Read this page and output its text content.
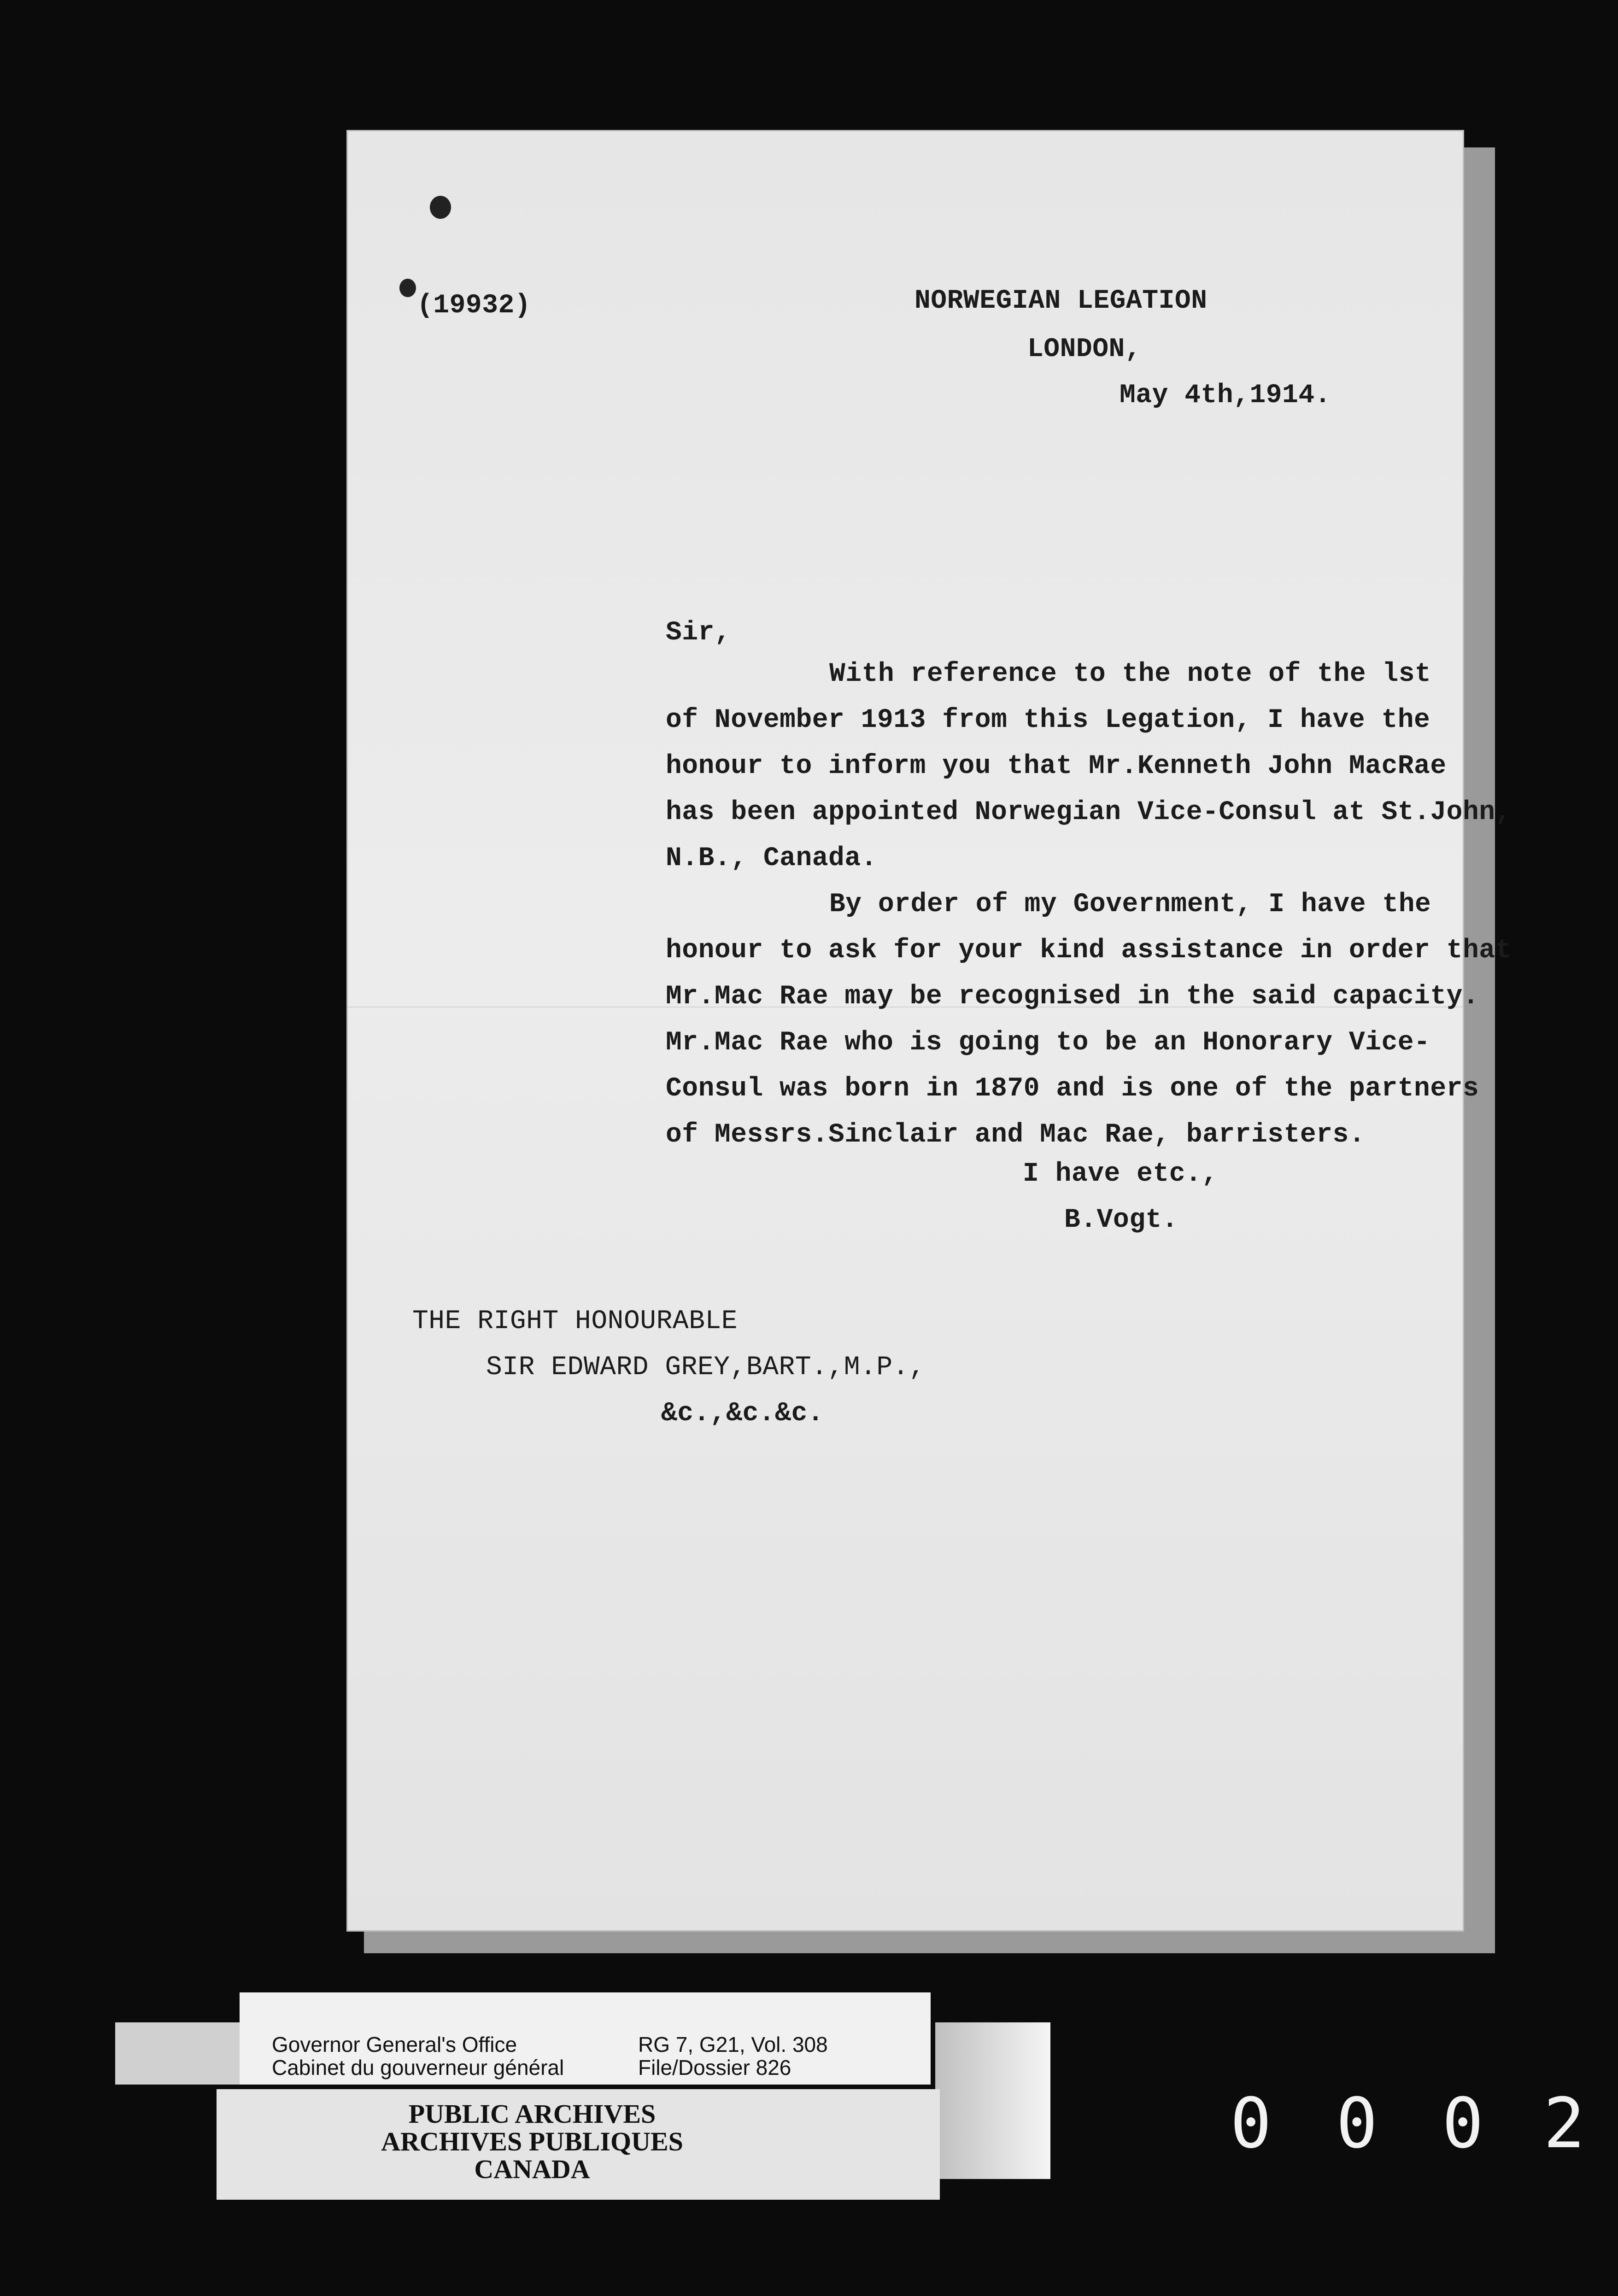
(19932)	NORWEGIAN LEGATION
LONDON,
May 4th,1914.
Sir,
With reference to the note of the lst
of November 1913 from this Legation, I have the
honour to inform you that Mr.Kenneth John MacRae
has been appointed Norwegian Vice-Consul at St.John,
N.B., Canada.
By order of my Government, I have the
honour to ask for your kind assistance in order that
Mr.Mac Rae may be recognised in the said capacity.
Mr.Mac Rae who is going to be an Honorary Vice-
Consul was born in 1870 and is one of the partners
of Messrs.Sinclair and Mac Rae, barristers.
I have etc.,
B.Vogt.
THE RIGHT HONOURABLE
SIR EDWARD GREY,BART.,M.P.,
&c.,&c.&c.
Governor General's Office
Cabinet du gouverneur général
RG 7, G21, Vol. 308
File/Dossier 826
PUBLIC ARCHIVES
ARCHIVES PUBLIQUES
CANADA
0 0 0 2
